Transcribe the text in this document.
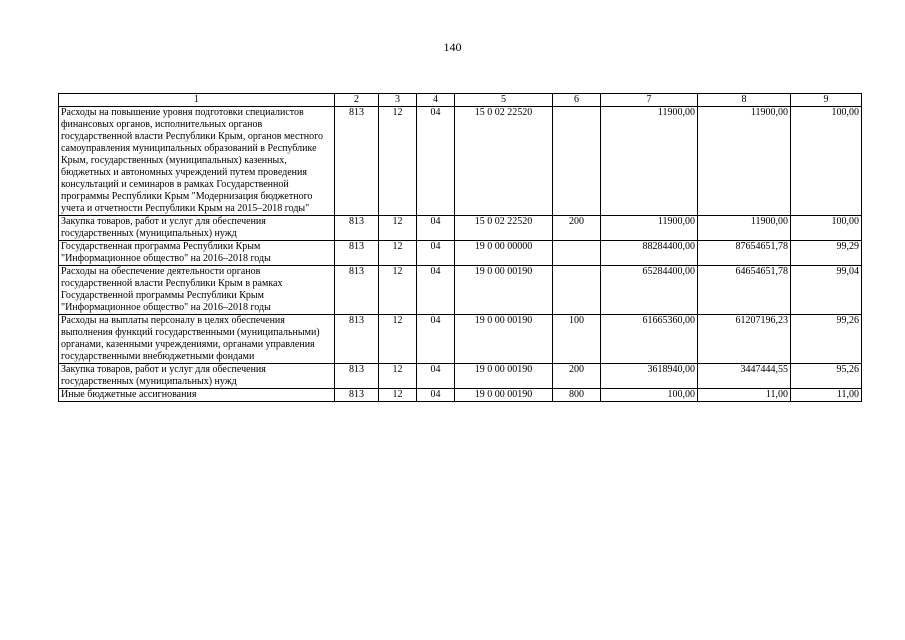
140
1	2	3	4	5	6	7	8	9
Расходы на повышение уровня подготовки специалистов финансовых органов, исполнительных органов государственной власти Республики Крым, органов местного самоуправления муниципальных образований в Республике Крым, государственных (муниципальных) казенных, бюджетных и автономных учреждений путем проведения консультаций и семинаров в рамках Государственной программы Республики Крым "Модернизация бюджетного учета и отчетности Республики Крым на 2015–2018 годы"	813	12	04	15 0 02 22520		11900,00	11900,00	100,00
Закупка товаров, работ и услуг для обеспечения государственных (муниципальных) нужд	813	12	04	15 0 02 22520	200	11900,00	11900,00	100,00
Государственная программа Республики Крым "Информационное общество" на 2016–2018 годы	813	12	04	19 0 00 00000		88284400,00	87654651,78	99,29
Расходы на обеспечение деятельности органов государственной власти Республики Крым в рамках Государственной программы Республики Крым "Информационное общество" на 2016–2018 годы	813	12	04	19 0 00 00190		65284400,00	64654651,78	99,04
Расходы на выплаты персоналу в целях обеспечения выполнения функций государственными (муниципальными) органами, казенными учреждениями, органами управления государственными внебюджетными фондами	813	12	04	19 0 00 00190	100	61665360,00	61207196,23	99,26
Закупка товаров, работ и услуг для обеспечения государственных (муниципальных) нужд	813	12	04	19 0 00 00190	200	3618940,00	3447444,55	95,26
Иные бюджетные ассигнования	813	12	04	19 0 00 00190	800	100,00	11,00	11,00
